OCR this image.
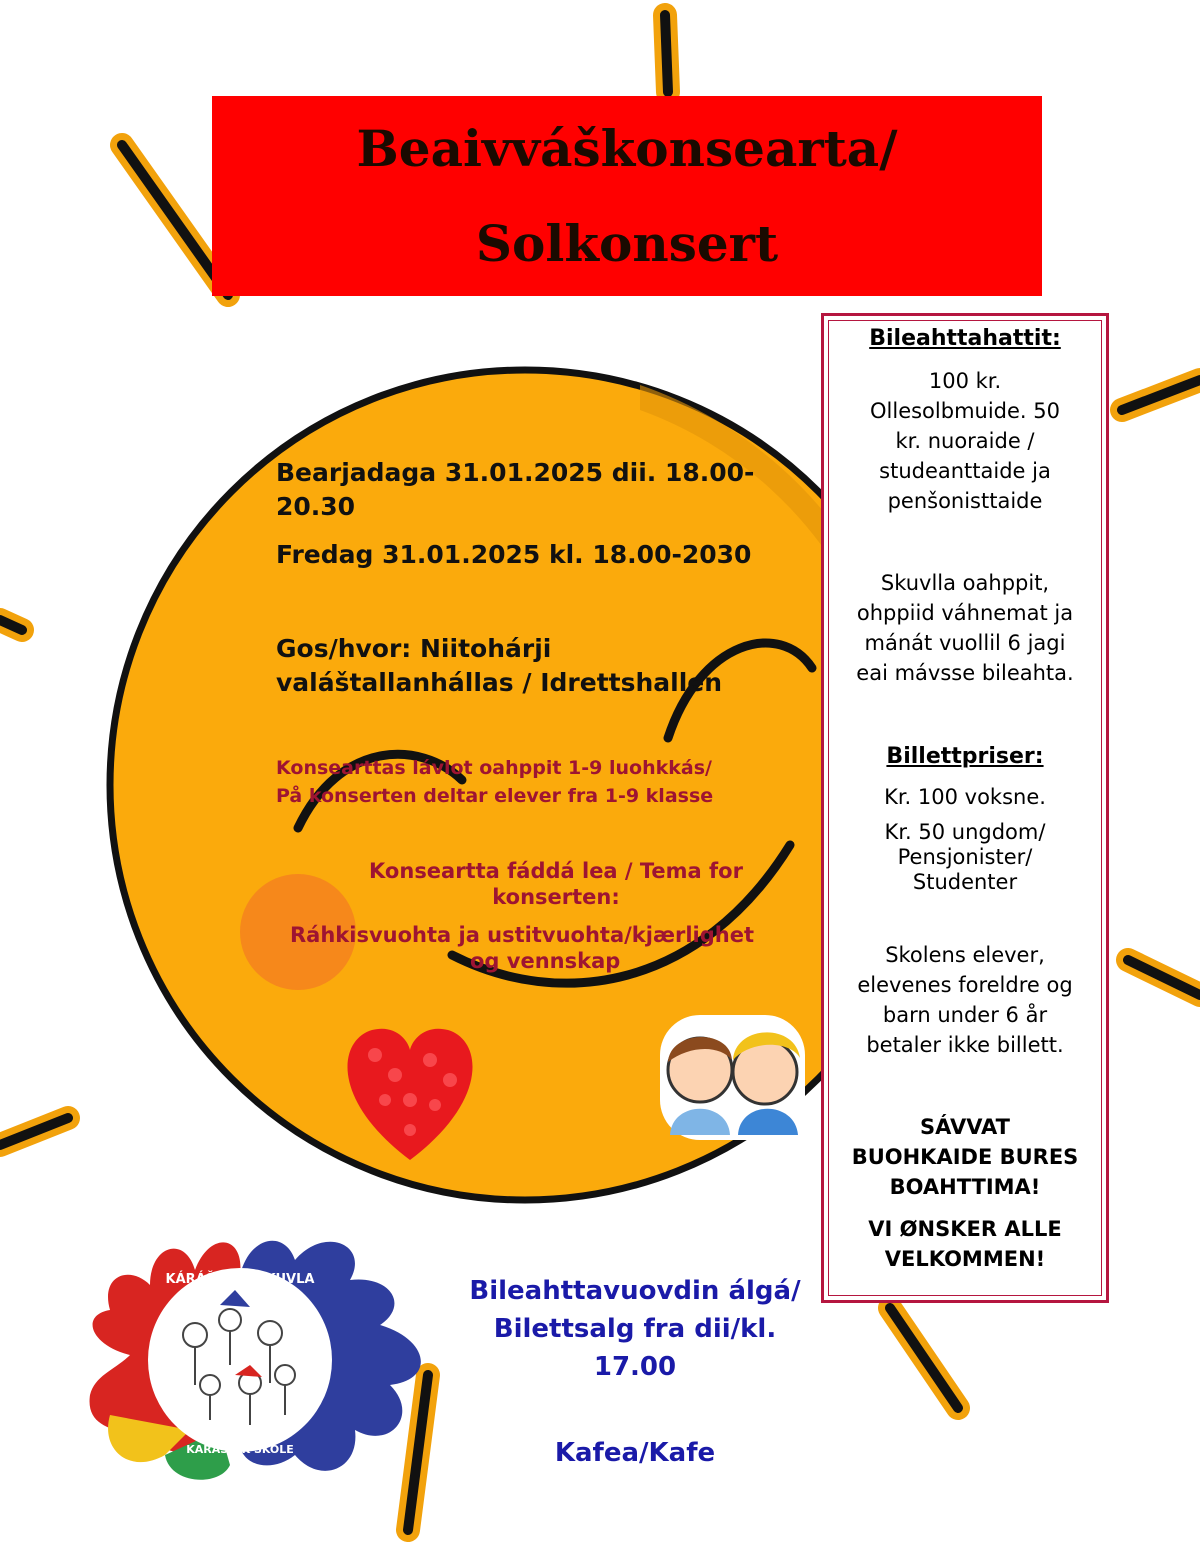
Beaivváškonsearta/
Solkonsert
Bearjadaga 31.01.2025 dii. 18.00-
20.30
Fredag 31.01.2025 kl. 18.00-2030
Gos/hvor: Niitohárji
valáštallanhállas / Idrettshallen
Konsearttas lávlot oahppit 1-9 luohkkás/
På konserten deltar elever fra 1-9 klasse
Konseartta fáddá lea / Tema for
konserten:
Ráhkisvuohta ja ustitvuohta/kjærlighet
og vennskap
Bileahttahattit:
100 kr.
Ollesolbmuide. 50
kr. nuoraide /
studeanttaide ja
penšonisttaide
Skuvlla oahppit,
ohppiid váhnemat ja
mánát vuollil 6 jagi
eai mávsse bileahta.
Billettpriser:
Kr. 100 voksne.
Kr. 50 ungdom/
Pensjonister/
Studenter
Skolens elever,
elevenes foreldre og
barn under 6 år
betaler ikke billett.
SÁVVAT
BUOHKAIDE BURES
BOAHTTIMA!
VI ØNSKER ALLE
VELKOMMEN!
Bileahttavuovdin álgá/
Bilettsalg fra dii/kl.
17.00
Kafea/Kafe
KÁRÁŠJOGA SKUVLA
KARASJOK SKOLE
